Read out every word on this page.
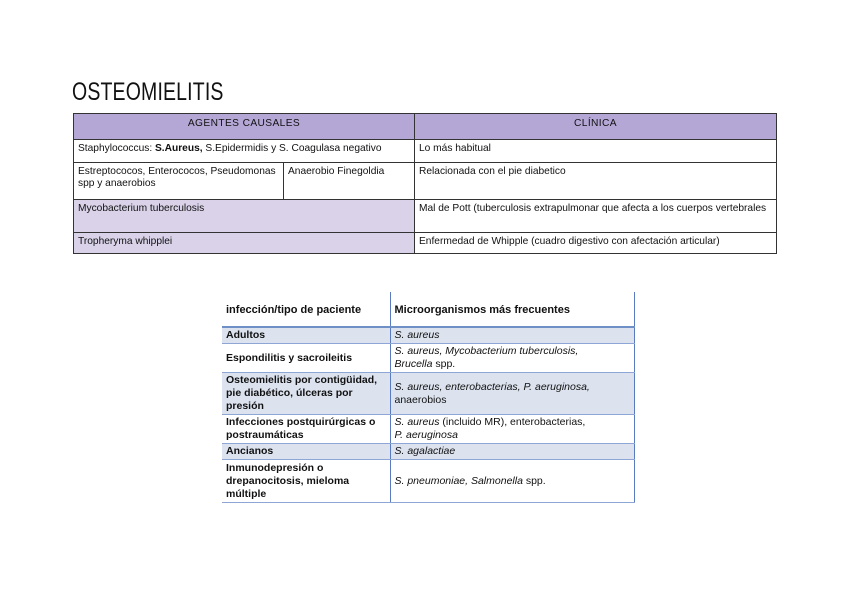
OSTEOMIELITIS
AGENTES CAUSALES		CLÍNICA
Staphylococcus: S.Aureus, S.Epidermidis y S. Coagulasa negativo		Lo más habitual
Estreptococos, Enterococos, Pseudomonas spp y anaerobios	Anaerobio Finegoldia	Relacionada con el pie diabetico
Mycobacterium tuberculosis		Mal de Pott (tuberculosis extrapulmonar que afecta a los cuerpos vertebrales
Tropheryma whipplei		Enfermedad de Whipple (cuadro digestivo con afectación articular)
infección/tipo de paciente	Microorganismos más frecuentes
Adultos	S. aureus
Espondilitis y sacroileitis	S. aureus, Mycobacterium tuberculosis,
Brucella spp.
Osteomielitis por contigüidad, pie diabético, úlceras por presión	S. aureus, enterobacterias, P. aeruginosa,
anaerobios
Infecciones postquirúrgicas o postraumáticas	S. aureus (incluido MR), enterobacterias,
P. aeruginosa
Ancianos	S. agalactiae
Inmunodepresión o drepanocitosis, mieloma múltiple	S. pneumoniae, Salmonella spp.
